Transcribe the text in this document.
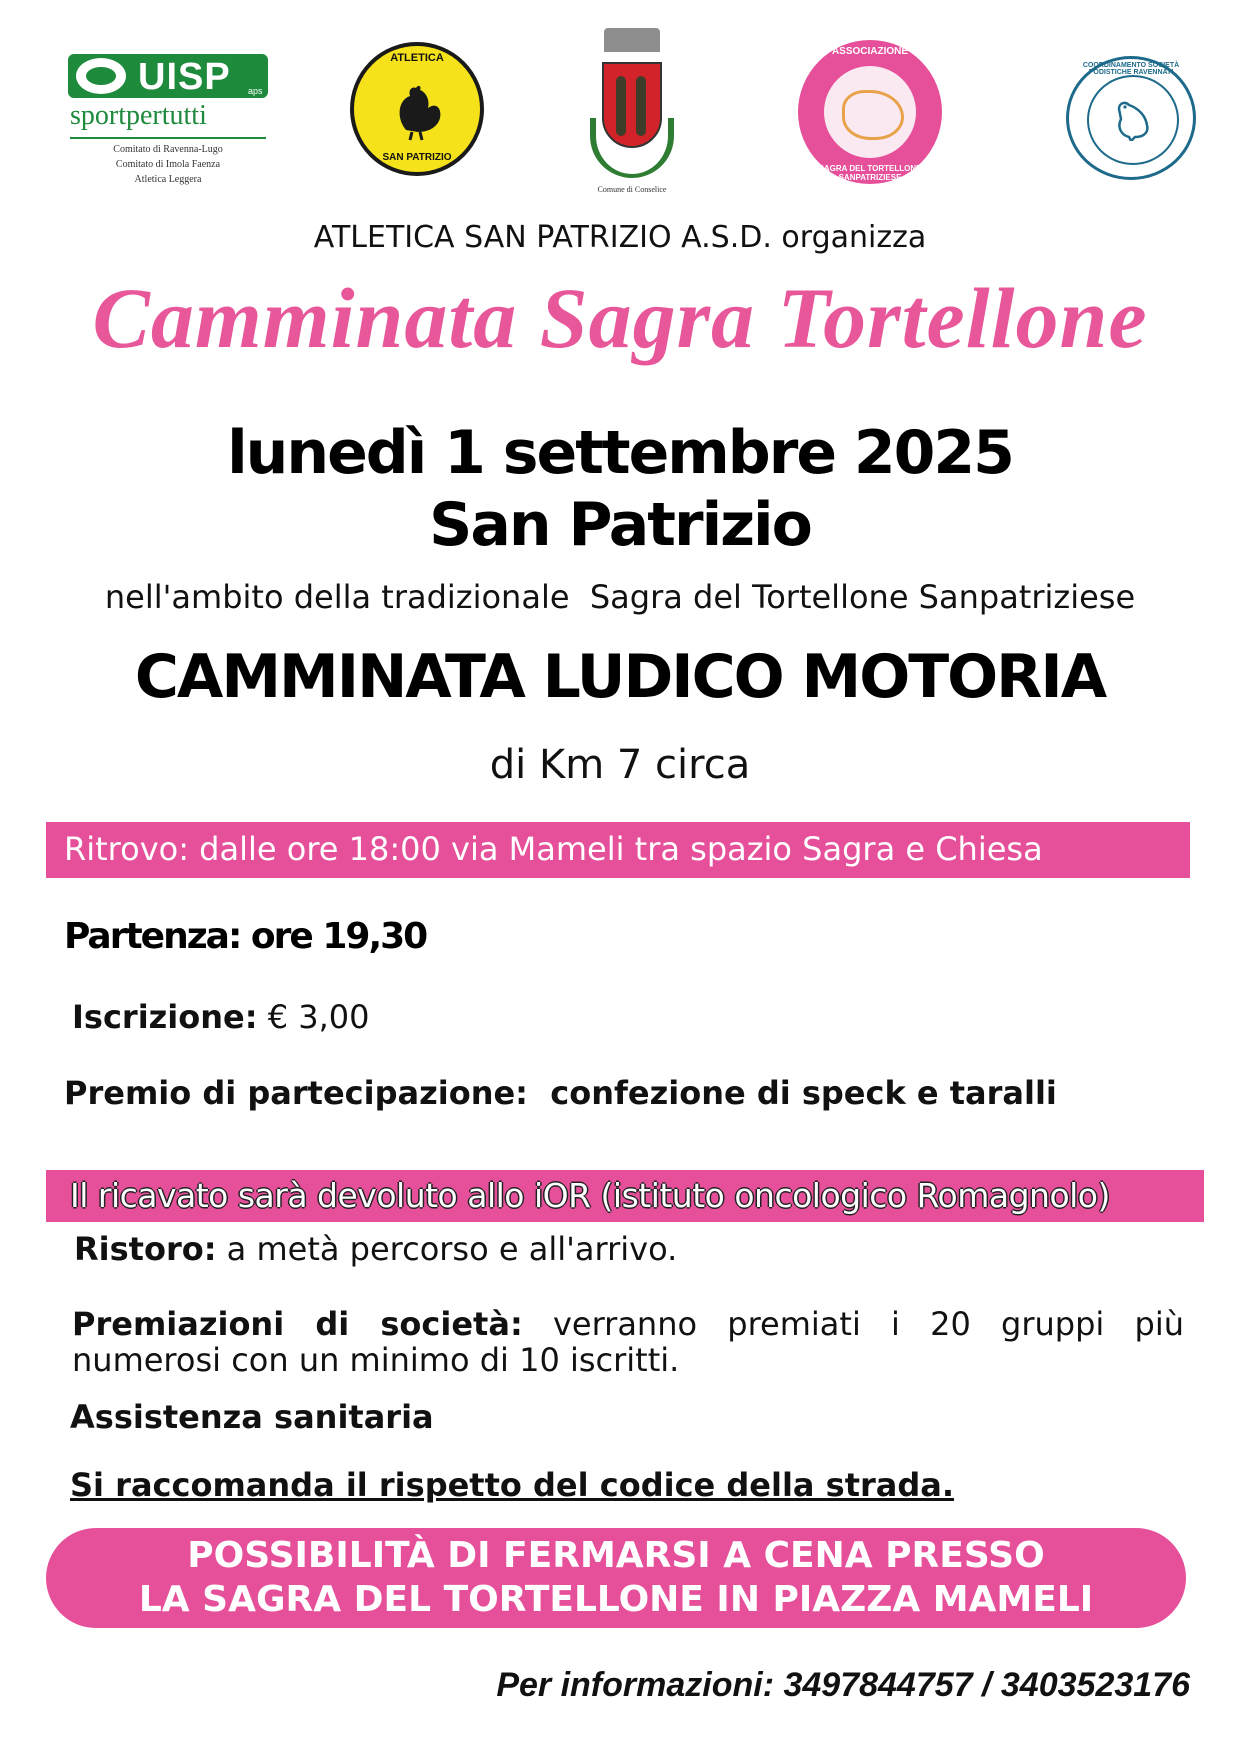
UISP aps
sportpertutti
Comitato di Ravenna-Lugo
Comitato di Imola Faenza
Atletica Leggera
ATLETICA
SAN PATRIZIO
Comune di Conselice
ASSOCIAZIONE
SAGRA DEL TORTELLONE SANPATRIZIESE
COORDINAMENTO SOCIETÀ PODISTICHE RAVENNATI
ATLETICA SAN PATRIZIO A.S.D. organizza
Camminata Sagra Tortellone
lunedì 1 settembre 2025
San Patrizio
nell'ambito della tradizionale  Sagra del Tortellone Sanpatriziese
CAMMINATA LUDICO MOTORIA
di Km 7 circa
Ritrovo: dalle ore 18:00 via Mameli tra spazio Sagra e Chiesa
Partenza: ore 19,30
Iscrizione: € 3,00
Premio di partecipazione:  confezione di speck e taralli
Il ricavato sarà devoluto allo iOR (istituto oncologico Romagnolo)
Ristoro: a metà percorso e all'arrivo.
Premiazioni di società: verranno premiati i 20 gruppi più
numerosi con un minimo di 10 iscritti.
Assistenza sanitaria
Si raccomanda il rispetto del codice della strada.
POSSIBILITÀ DI FERMARSI A CENA PRESSO
LA SAGRA DEL TORTELLONE IN PIAZZA MAMELI
Per informazioni: 3497844757 / 3403523176
